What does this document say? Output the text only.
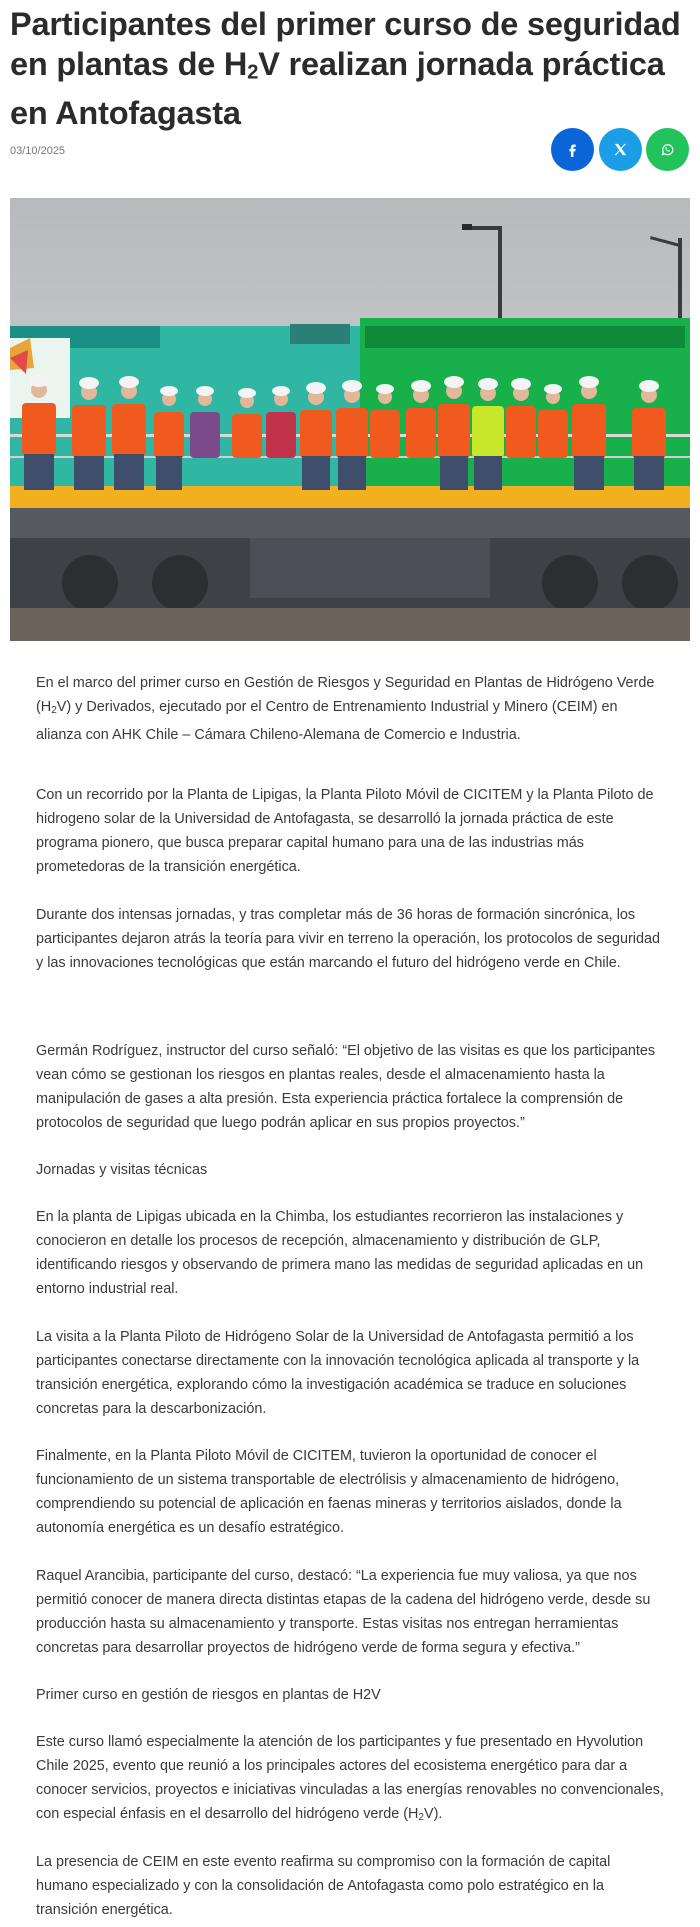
Participantes del primer curso de seguridad en plantas de $H_2V$ realizan jornada práctica en Antofagasta
03/10/2025

En el marco del primer curso en Gestión de Riesgos y Seguridad en Plantas de Hidrógeno Verde $(H_2V)$ y Derivados, ejecutado por el Centro de Entrenamiento Industrial y Minero (CEIM) en alianza con AHK Chile – Cámara Chileno-Alemana de Comercio e Industria.

Con un recorrido por la Planta de Lipigas, la Planta Piloto Móvil de CICITEM y la Planta Piloto de hidrogeno solar de la Universidad de Antofagasta, se desarrolló la jornada práctica de este programa pionero, que busca preparar capital humano para una de las industrias más prometedoras de la transición energética.

Durante dos intensas jornadas, y tras completar más de 36 horas de formación sincrónica, los participantes dejaron atrás la teoría para vivir en terreno la operación, los protocolos de seguridad y las innovaciones tecnológicas que están marcando el futuro del hidrógeno verde en Chile.

Germán Rodríguez, instructor del curso señaló: “El objetivo de las visitas es que los participantes vean cómo se gestionan los riesgos en plantas reales, desde el almacenamiento hasta la manipulación de gases a alta presión. Esta experiencia práctica fortalece la comprensión de protocolos de seguridad que luego podrán aplicar en sus propios proyectos.”

Jornadas y visitas técnicas

En la planta de Lipigas ubicada en la Chimba, los estudiantes recorrieron las instalaciones y conocieron en detalle los procesos de recepción, almacenamiento y distribución de GLP, identificando riesgos y observando de primera mano las medidas de seguridad aplicadas en un entorno industrial real.

La visita a la Planta Piloto de Hidrógeno Solar de la Universidad de Antofagasta permitió a los participantes conectarse directamente con la innovación tecnológica aplicada al transporte y la transición energética, explorando cómo la investigación académica se traduce en soluciones concretas para la descarbonización.

Finalmente, en la Planta Piloto Móvil de CICITEM, tuvieron la oportunidad de conocer el funcionamiento de un sistema transportable de electrólisis y almacenamiento de hidrógeno, comprendiendo su potencial de aplicación en faenas mineras y territorios aislados, donde la autonomía energética es un desafío estratégico.

Raquel Arancibia, participante del curso, destacó: “La experiencia fue muy valiosa, ya que nos permitió conocer de manera directa distintas etapas de la cadena del hidrógeno verde, desde su producción hasta su almacenamiento y transporte. Estas visitas nos entregan herramientas concretas para desarrollar proyectos de hidrógeno verde de forma segura y efectiva.”

Primer curso en gestión de riesgos en plantas de H2V

Este curso llamó especialmente la atención de los participantes y fue presentado en Hyvolution Chile 2025, evento que reunió a los principales actores del ecosistema energético para dar a conocer servicios, proyectos e iniciativas vinculadas a las energías renovables no convencionales, con especial énfasis en el desarrollo del hidrógeno verde $(H_2V)$.

La presencia de CEIM en este evento reafirma su compromiso con la formación de capital humano especializado y con la consolidación de Antofagasta como polo estratégico en la transición energética.
